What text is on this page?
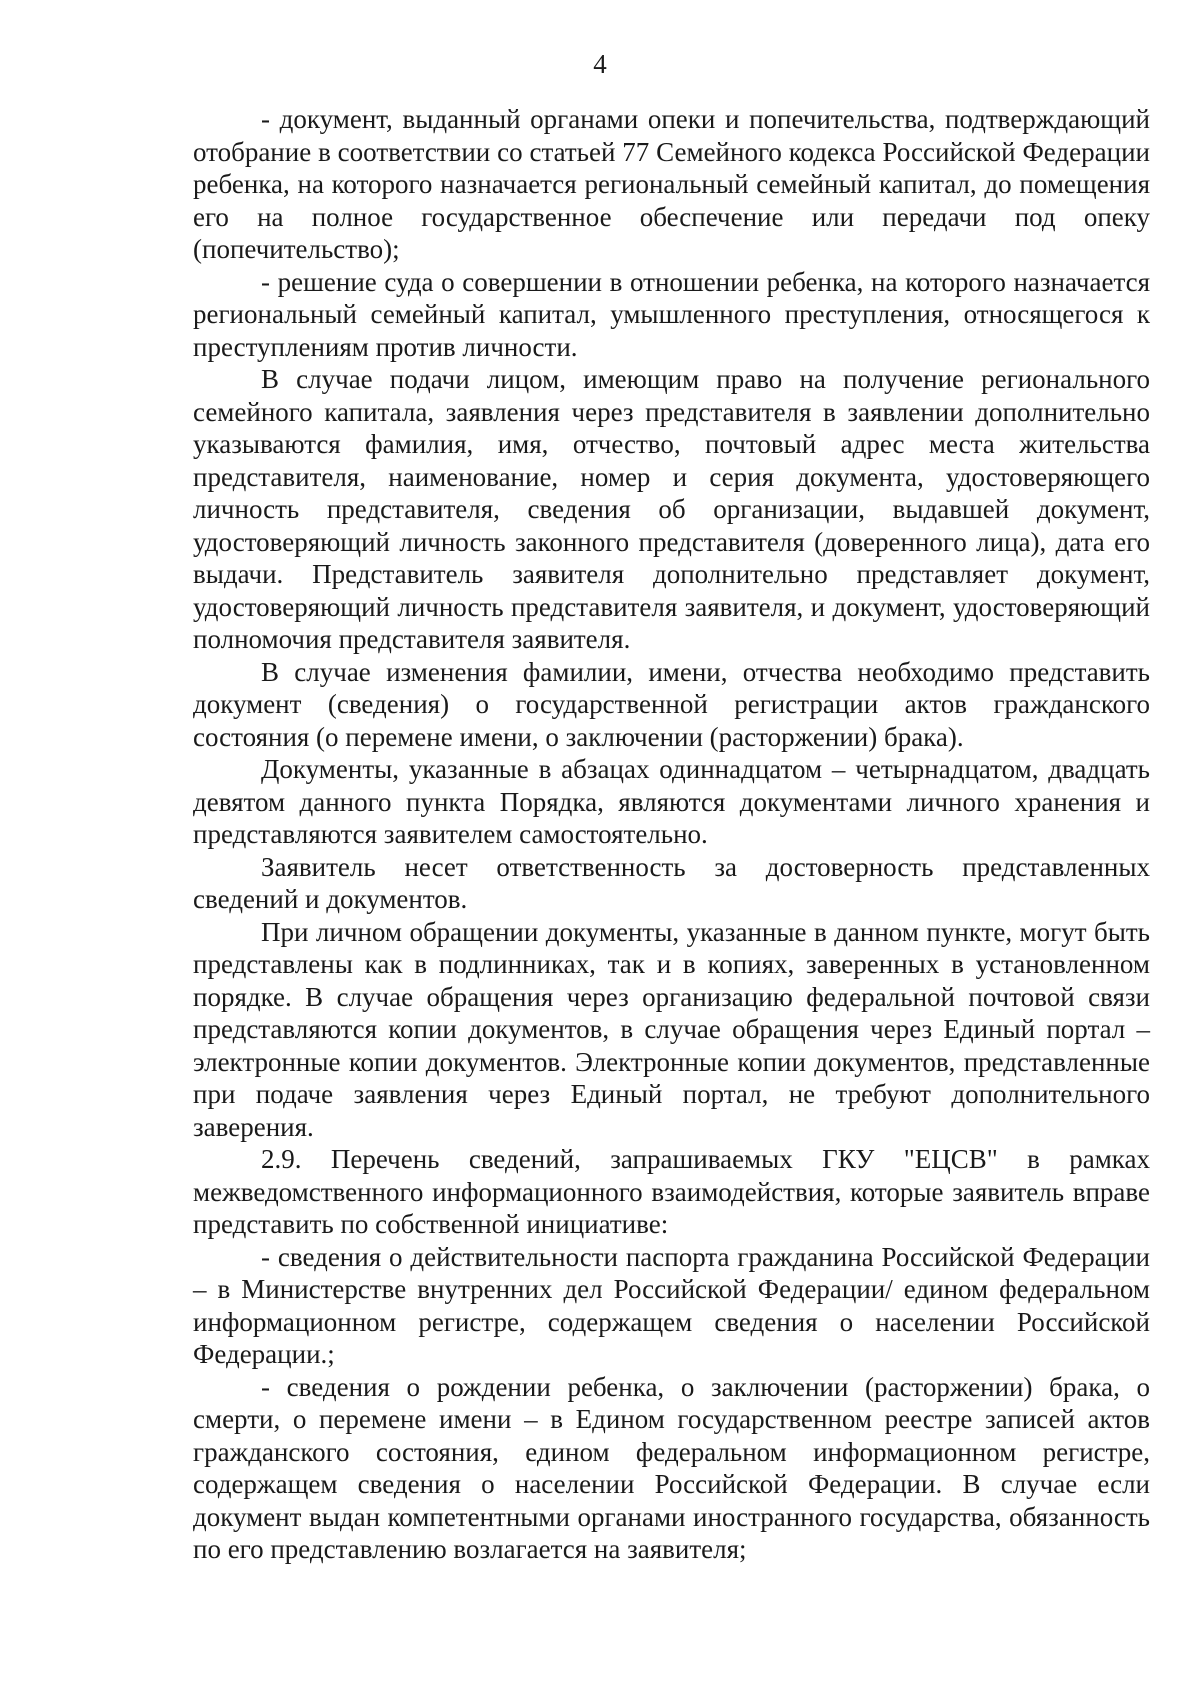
4

- документ, выданный органами опеки и попечительства, подтверждающий отобрание в соответствии со статьей 77 Семейного кодекса Российской Федерации ребенка, на которого назначается региональный семейный капитал, до помещения его на полное государственное обеспечение или передачи под опеку (попечительство);

- решение суда о совершении в отношении ребенка, на которого назначается региональный семейный капитал, умышленного преступления, относящегося к преступлениям против личности.

В случае подачи лицом, имеющим право на получение регионального семейного капитала, заявления через представителя в заявлении дополнительно указываются фамилия, имя, отчество, почтовый адрес места жительства представителя, наименование, номер и серия документа, удостоверяющего личность представителя, сведения об организации, выдавшей документ, удостоверяющий личность законного представителя (доверенного лица), дата его выдачи. Представитель заявителя дополнительно представляет документ, удостоверяющий личность представителя заявителя, и документ, удостоверяющий полномочия представителя заявителя.

В случае изменения фамилии, имени, отчества необходимо представить документ (сведения) о государственной регистрации актов гражданского состояния (о перемене имени, о заключении (расторжении) брака).

Документы, указанные в абзацах одиннадцатом – четырнадцатом, двадцать девятом данного пункта Порядка, являются документами личного хранения и представляются заявителем самостоятельно.

Заявитель несет ответственность за достоверность представленных сведений и документов.

При личном обращении документы, указанные в данном пункте, могут быть представлены как в подлинниках, так и в копиях, заверенных в установленном порядке. В случае обращения через организацию федеральной почтовой связи представляются копии документов, в случае обращения через Единый портал – электронные копии документов. Электронные копии документов, представленные при подаче заявления через Единый портал, не требуют дополнительного заверения.

2.9. Перечень сведений, запрашиваемых ГКУ "ЕЦСВ" в рамках межведомственного информационного взаимодействия, которые заявитель вправе представить по собственной инициативе:

- сведения о действительности паспорта гражданина Российской Федерации – в Министерстве внутренних дел Российской Федерации/ едином федеральном информационном регистре, содержащем сведения о населении Российской Федерации.;

- сведения о рождении ребенка, о заключении (расторжении) брака, о смерти, о перемене имени – в Едином государственном реестре записей актов гражданского состояния, едином федеральном информационном регистре, содержащем сведения о населении Российской Федерации. В случае если документ выдан компетентными органами иностранного государства, обязанность по его представлению возлагается на заявителя;
